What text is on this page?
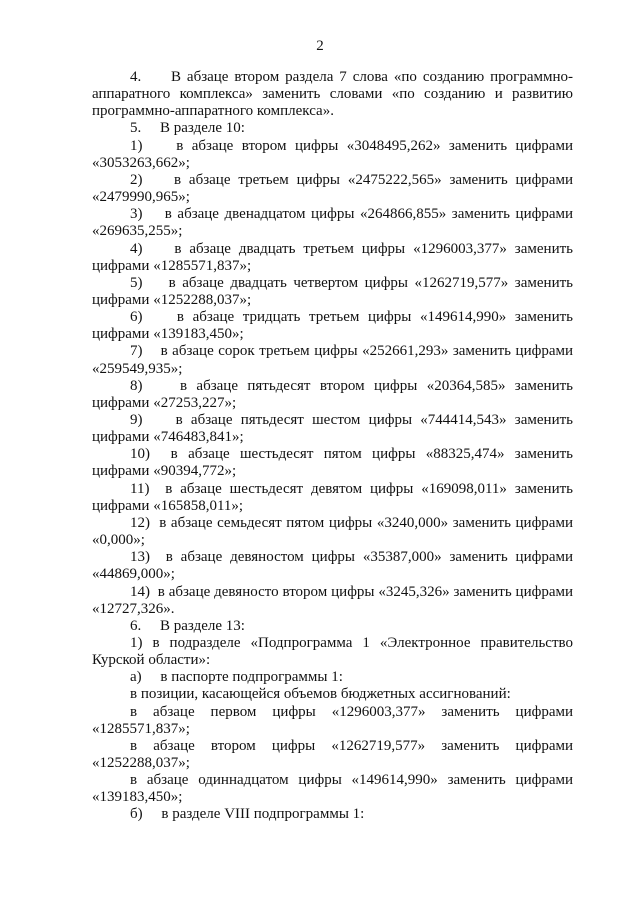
2
4.     В абзаце втором раздела 7 слова «по созданию программно-
аппаратного комплекса» заменить словами «по созданию и развитию
программно-аппаратного комплекса».
5.     В разделе 10:
1)    в абзаце втором цифры «3048495,262» заменить цифрами
«3053263,662»;
2)    в абзаце третьем цифры «2475222,565» заменить цифрами
«2479990,965»;
3)    в абзаце двенадцатом цифры «264866,855» заменить цифрами
«269635,255»;
4)    в абзаце двадцать третьем цифры «1296003,377» заменить
цифрами «1285571,837»;
5)    в абзаце двадцать четвертом цифры «1262719,577» заменить
цифрами «1252288,037»;
6)    в абзаце тридцать третьем цифры «149614,990» заменить
цифрами «139183,450»;
7)    в абзаце сорок третьем цифры «252661,293» заменить цифрами
«259549,935»;
8)    в абзаце пятьдесят втором цифры «20364,585» заменить
цифрами «27253,227»;
9)    в абзаце пятьдесят шестом цифры «744414,543» заменить
цифрами «746483,841»;
10)  в абзаце шестьдесят пятом цифры «88325,474» заменить
цифрами «90394,772»;
11)  в абзаце шестьдесят девятом цифры «169098,011» заменить
цифрами «165858,011»;
12)  в абзаце семьдесят пятом цифры «3240,000» заменить цифрами
«0,000»;
13)  в абзаце девяностом цифры «35387,000» заменить цифрами
«44869,000»;
14)  в абзаце девяносто втором цифры «3245,326» заменить цифрами
«12727,326».
6.     В разделе 13:
1) в подразделе «Подпрограмма 1 «Электронное правительство
Курской области»:
а)     в паспорте подпрограммы 1:
в позиции, касающейся объемов бюджетных ассигнований:
в абзаце первом цифры «1296003,377» заменить цифрами
«1285571,837»;
в абзаце втором цифры «1262719,577» заменить цифрами
«1252288,037»;
в абзаце одиннадцатом цифры «149614,990» заменить цифрами
«139183,450»;
б)     в разделе VIII подпрограммы 1:
